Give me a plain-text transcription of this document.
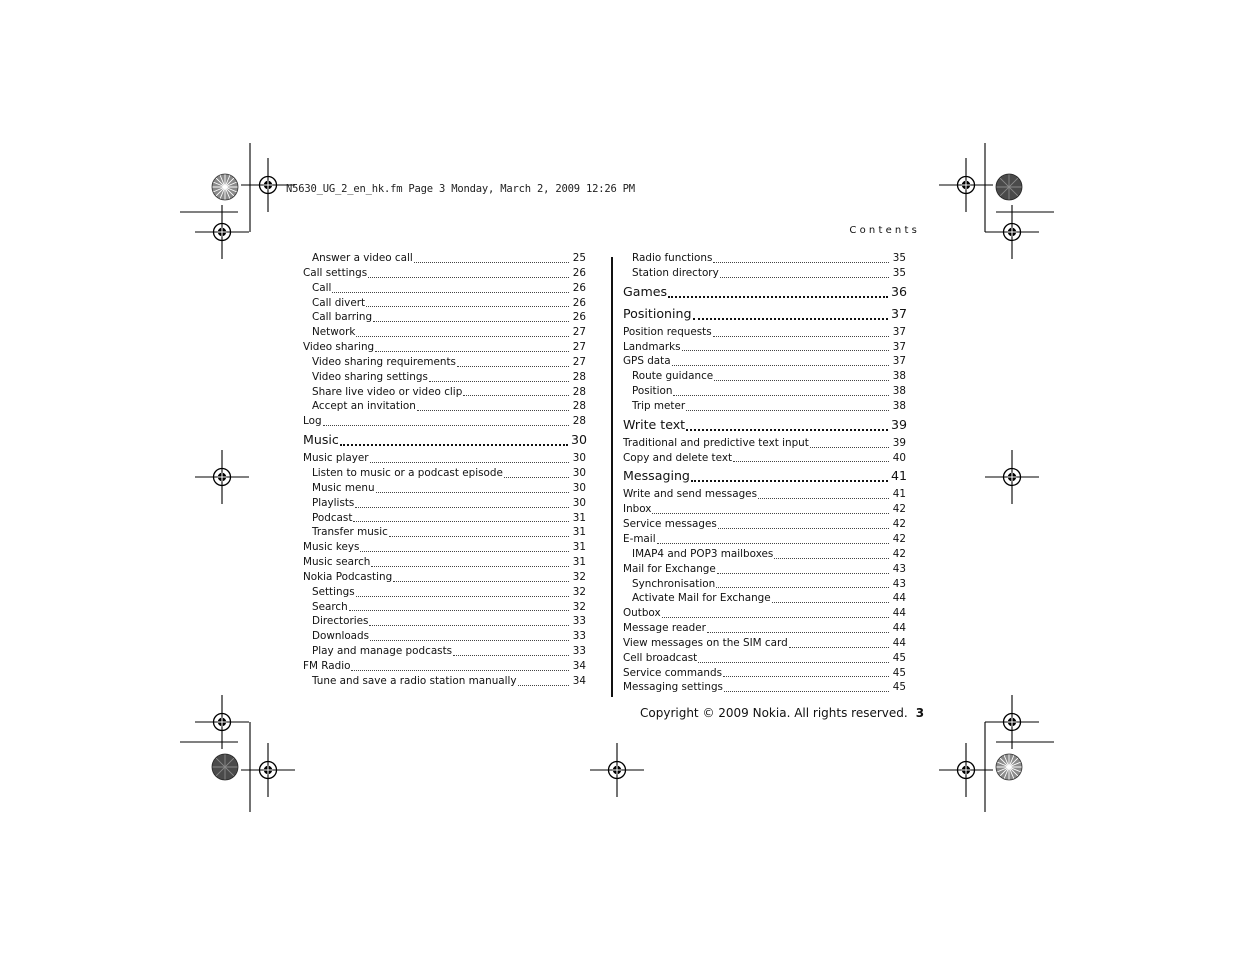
N5630_UG_2_en_hk.fm Page 3 Monday, March 2, 2009 12:26 PM
Contents
Answer a video call	25
Call settings	26
Call	26
Call divert	26
Call barring	26
Network	27
Video sharing	27
Video sharing requirements	27
Video sharing settings	28
Share live video or video clip	28
Accept an invitation	28
Log	28
Music	30
Music player	30
Listen to music or a podcast episode	30
Music menu	30
Playlists	30
Podcast	31
Transfer music	31
Music keys	31
Music search	31
Nokia Podcasting	32
Settings	32
Search	32
Directories	33
Downloads	33
Play and manage podcasts	33
FM Radio	34
Tune and save a radio station manually	34
Radio functions	35
Station directory	35
Games	36
Positioning	37
Position requests	37
Landmarks	37
GPS data	37
Route guidance	38
Position	38
Trip meter	38
Write text	39
Traditional and predictive text input	39
Copy and delete text	40
Messaging	41
Write and send messages	41
Inbox	42
Service messages	42
E-mail	42
IMAP4 and POP3 mailboxes	42
Mail for Exchange	43
Synchronisation	43
Activate Mail for Exchange	44
Outbox	44
Message reader	44
View messages on the SIM card	44
Cell broadcast	45
Service commands	45
Messaging settings	45
Copyright © 2009 Nokia. All rights reserved. 3
